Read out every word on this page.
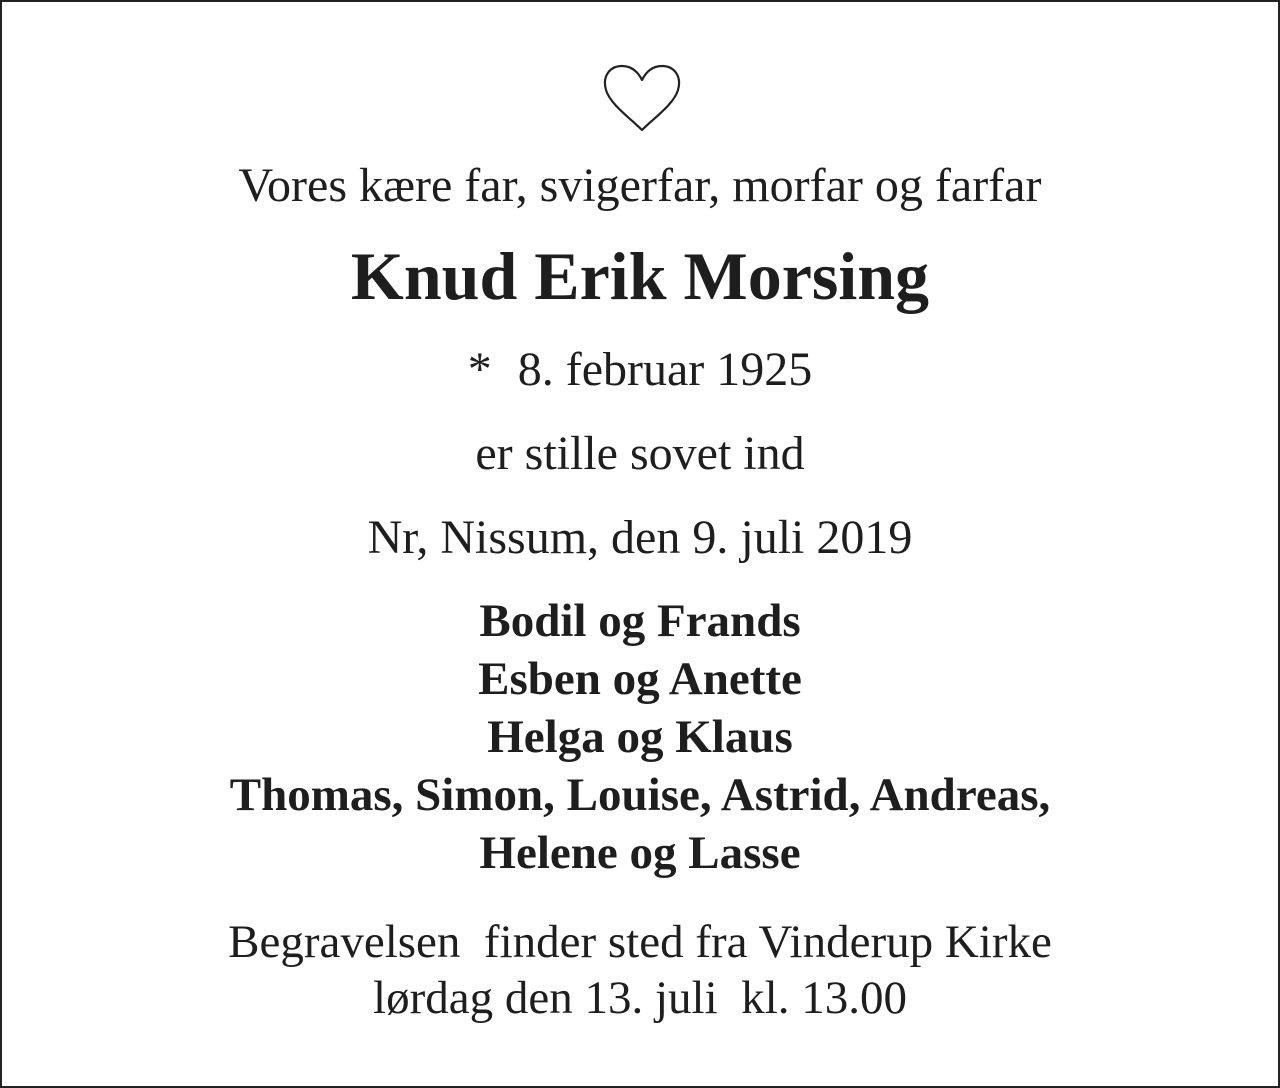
Vores kære far, svigerfar, morfar og farfar
Knud Erik Morsing
* 8. februar 1925
er stille sovet ind
Nr, Nissum, den 9. juli 2019
Bodil og Frands
Esben og Anette
Helga og Klaus
Thomas, Simon, Louise, Astrid, Andreas,
Helene og Lasse
Begravelsen  finder sted fra Vinderup Kirke
lørdag den 13. juli  kl. 13.00
